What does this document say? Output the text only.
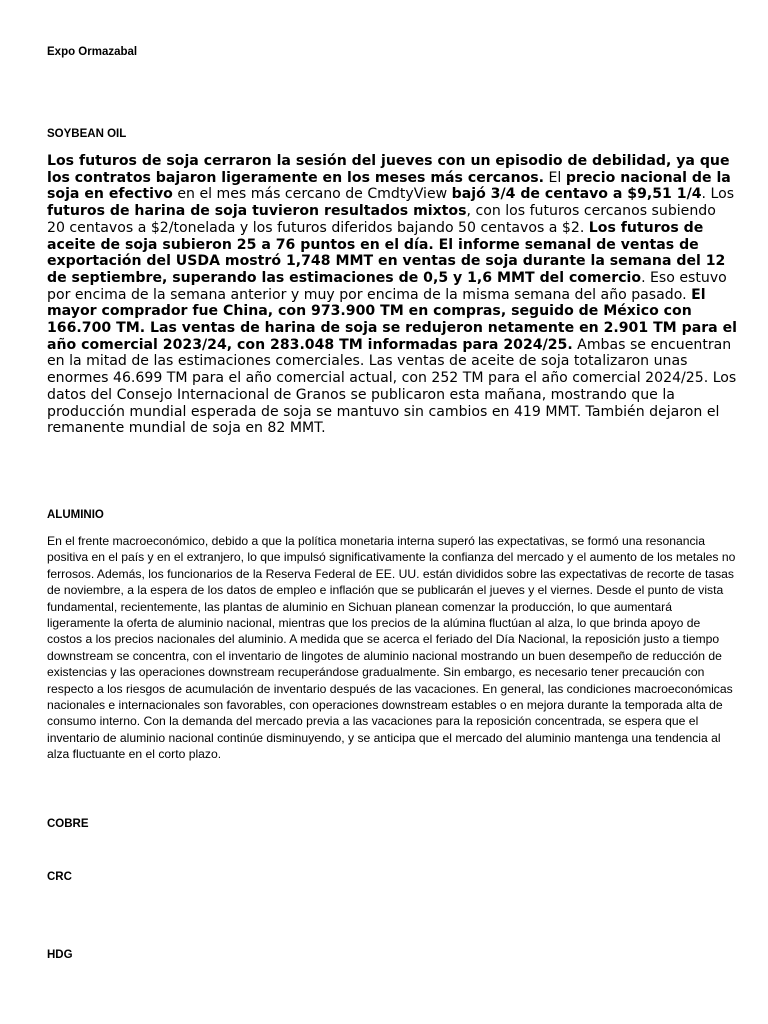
Expo Ormazabal
SOYBEAN OIL

Los futuros de soja cerraron la sesión del jueves con un episodio de debilidad, ya que los contratos bajaron ligeramente en los meses más cercanos. El precio nacional de la soja en efectivo en el mes más cercano de CmdtyView bajó 3/4 de centavo a $9,51 1/4. Los futuros de harina de soja tuvieron resultados mixtos, con los futuros cercanos subiendo 20 centavos a $2/tonelada y los futuros diferidos bajando 50 centavos a $2. Los futuros de aceite de soja subieron 25 a 76 puntos en el día. El informe semanal de ventas de exportación del USDA mostró 1,748 MMT en ventas de soja durante la semana del 12 de septiembre, superando las estimaciones de 0,5 y 1,6 MMT del comercio. Eso estuvo por encima de la semana anterior y muy por encima de la misma semana del año pasado. El mayor comprador fue China, con 973.900 TM en compras, seguido de México con 166.700 TM. Las ventas de harina de soja se redujeron netamente en 2.901 TM para el año comercial 2023/24, con 283.048 TM informadas para 2024/25. Ambas se encuentran en la mitad de las estimaciones comerciales. Las ventas de aceite de soja totalizaron unas enormes 46.699 TM para el año comercial actual, con 252 TM para el año comercial 2024/25. Los datos del Consejo Internacional de Granos se publicaron esta mañana, mostrando que la producción mundial esperada de soja se mantuvo sin cambios en 419 MMT. También dejaron el remanente mundial de soja en 82 MMT.

ALUMINIO

En el frente macroeconómico, debido a que la política monetaria interna superó las expectativas, se formó una resonancia positiva en el país y en el extranjero, lo que impulsó significativamente la confianza del mercado y el aumento de los metales no ferrosos. Además, los funcionarios de la Reserva Federal de EE. UU. están divididos sobre las expectativas de recorte de tasas de noviembre, a la espera de los datos de empleo e inflación que se publicarán el jueves y el viernes. Desde el punto de vista fundamental, recientemente, las plantas de aluminio en Sichuan planean comenzar la producción, lo que aumentará ligeramente la oferta de aluminio nacional, mientras que los precios de la alúmina fluctúan al alza, lo que brinda apoyo de costos a los precios nacionales del aluminio. A medida que se acerca el feriado del Día Nacional, la reposición justo a tiempo downstream se concentra, con el inventario de lingotes de aluminio nacional mostrando un buen desempeño de reducción de existencias y las operaciones downstream recuperándose gradualmente. Sin embargo, es necesario tener precaución con respecto a los riesgos de acumulación de inventario después de las vacaciones. En general, las condiciones macroeconómicas nacionales e internacionales son favorables, con operaciones downstream estables o en mejora durante la temporada alta de consumo interno. Con la demanda del mercado previa a las vacaciones para la reposición concentrada, se espera que el inventario de aluminio nacional continúe disminuyendo, y se anticipa que el mercado del aluminio mantenga una tendencia al alza fluctuante en el corto plazo.

COBRE
CRC
HDG
